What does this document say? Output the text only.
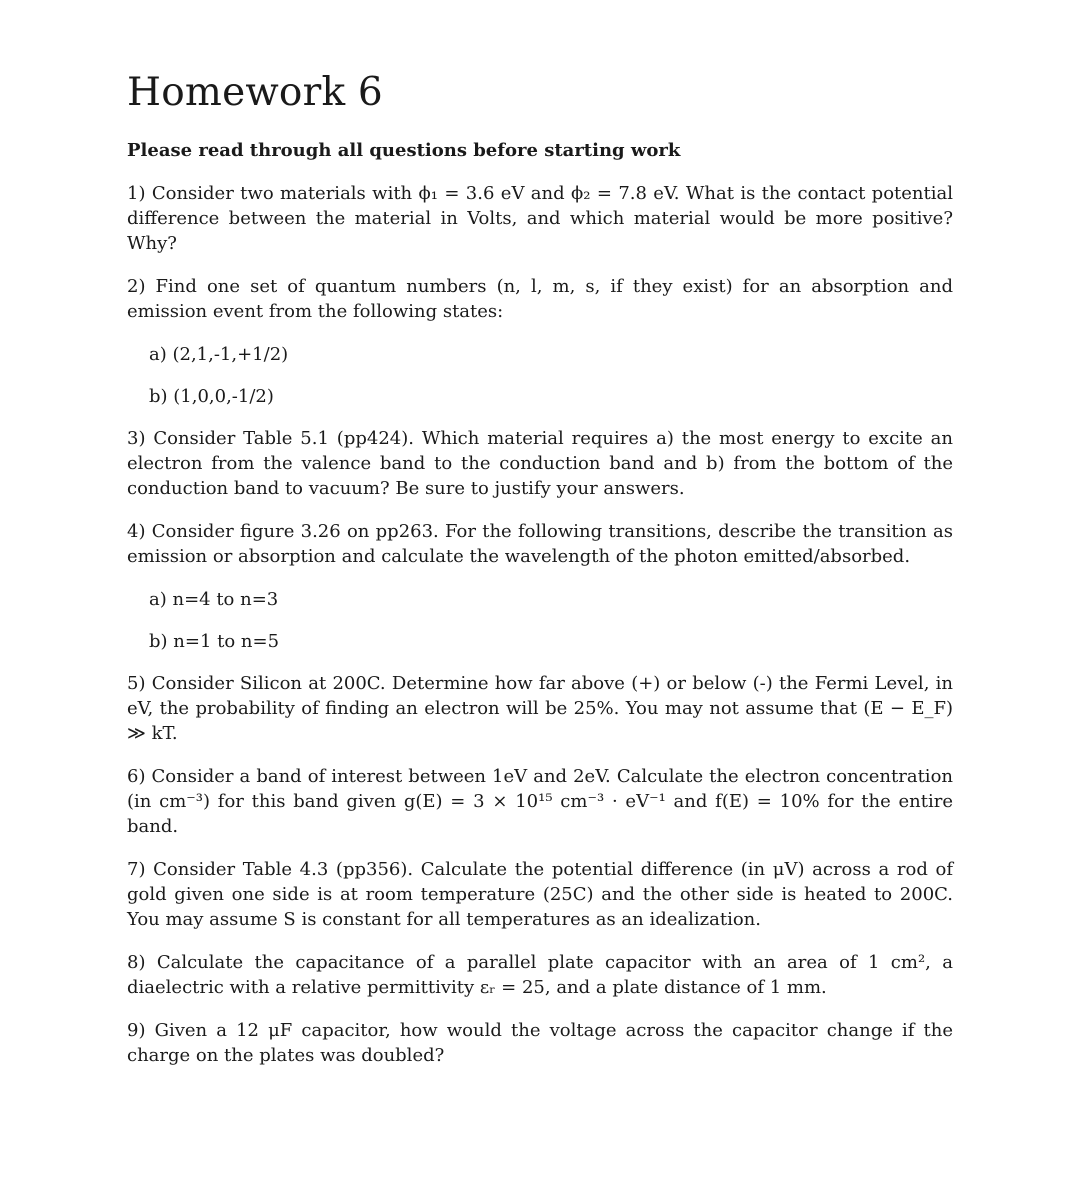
Homework 6

Please read through all questions before starting work

1) Consider two materials with ϕ₁ = 3.6 eV and ϕ₂ = 7.8 eV. What is the contact potential difference between the material in Volts, and which material would be more positive? Why?

2) Find one set of quantum numbers (n, l, m, s, if they exist) for an absorption and emission event from the following states:

a) (2,1,-1,+1/2)

b) (1,0,0,-1/2)

3) Consider Table 5.1 (pp424). Which material requires a) the most energy to excite an electron from the valence band to the conduction band and b) from the bottom of the conduction band to vacuum? Be sure to justify your answers.

4) Consider figure 3.26 on pp263. For the following transitions, describe the transition as emission or absorption and calculate the wavelength of the photon emitted/absorbed.

a) n=4 to n=3

b) n=1 to n=5

5) Consider Silicon at 200C. Determine how far above (+) or below (-) the Fermi Level, in eV, the probability of finding an electron will be 25%. You may not assume that (E − E_F) ≫ kT.

6) Consider a band of interest between 1eV and 2eV. Calculate the electron concentration (in cm⁻³) for this band given g(E) = 3 × 10¹⁵ cm⁻³ · eV⁻¹ and f(E) = 10% for the entire band.

7) Consider Table 4.3 (pp356). Calculate the potential difference (in μV) across a rod of gold given one side is at room temperature (25C) and the other side is heated to 200C. You may assume S is constant for all temperatures as an idealization.

8) Calculate the capacitance of a parallel plate capacitor with an area of 1 cm², a diaelectric with a relative permittivity εᵣ = 25, and a plate distance of 1 mm.

9) Given a 12 μF capacitor, how would the voltage across the capacitor change if the charge on the plates was doubled?
